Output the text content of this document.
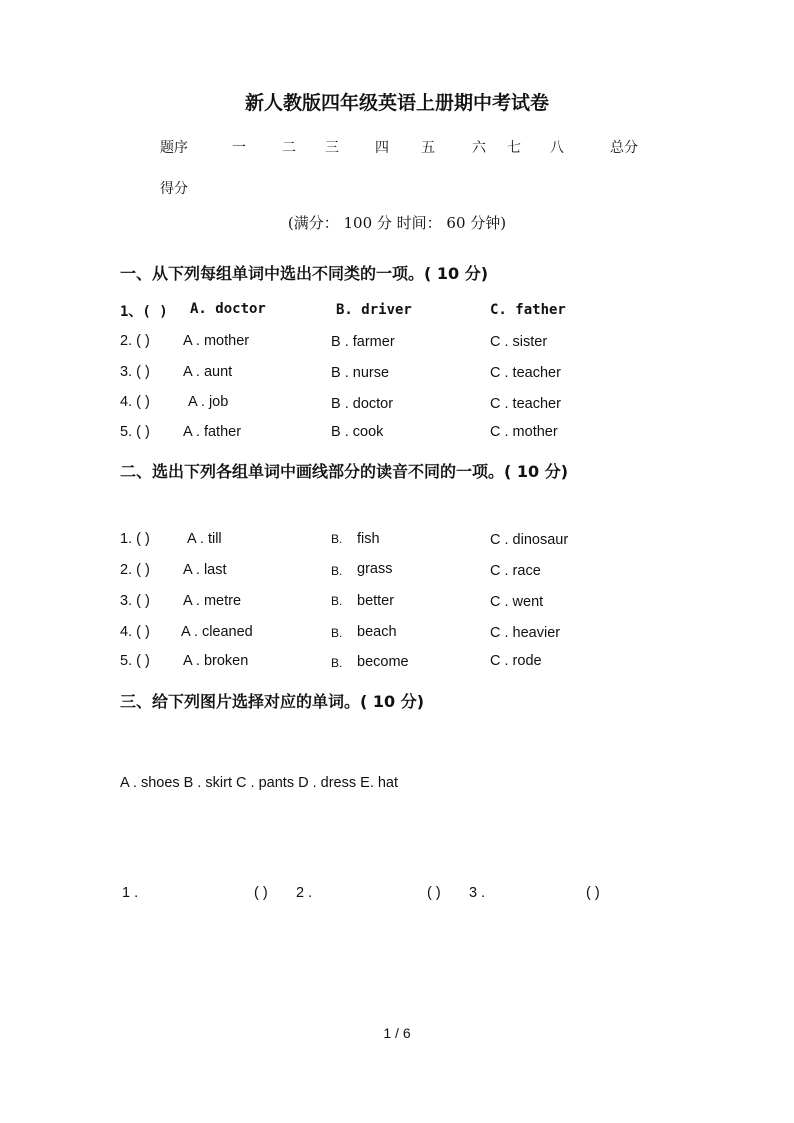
新人教版四年级英语上册期中考试卷
题序	一	二 三	四 五	六 七 八	总分
得分
(满分： 100 分 时间： 60 分钟)
一、从下列每组单词中选出不同类的一项。( 10 分)
1、( ) A. doctor	B. driver	C. father
2. ( ) A . mother	B . farmer	C . sister
3. ( ) A . aunt	B . nurse	C . teacher
4. ( )	A . job	B . doctor	C . teacher
5. ( ) A . father	B . cook	C . mother
二、选出下列各组单词中画线部分的读音不同的一项。( 10 分)
1. ( )	A . till	B. fish	C . dinosaur
2. ( ) A . last	B. grass	C . race
3. ( ) A . metre	B. better	C . went
4. ( ) A . cleaned	B. beach	C . heavier
5. ( ) A . broken	B. become	C . rode
三、给下列图片选择对应的单词。( 10 分)
A . shoes B . skirt C . pants D . dress E. hat
1 .	( ) 2 .	( ) 3 .	( )
1 / 6
